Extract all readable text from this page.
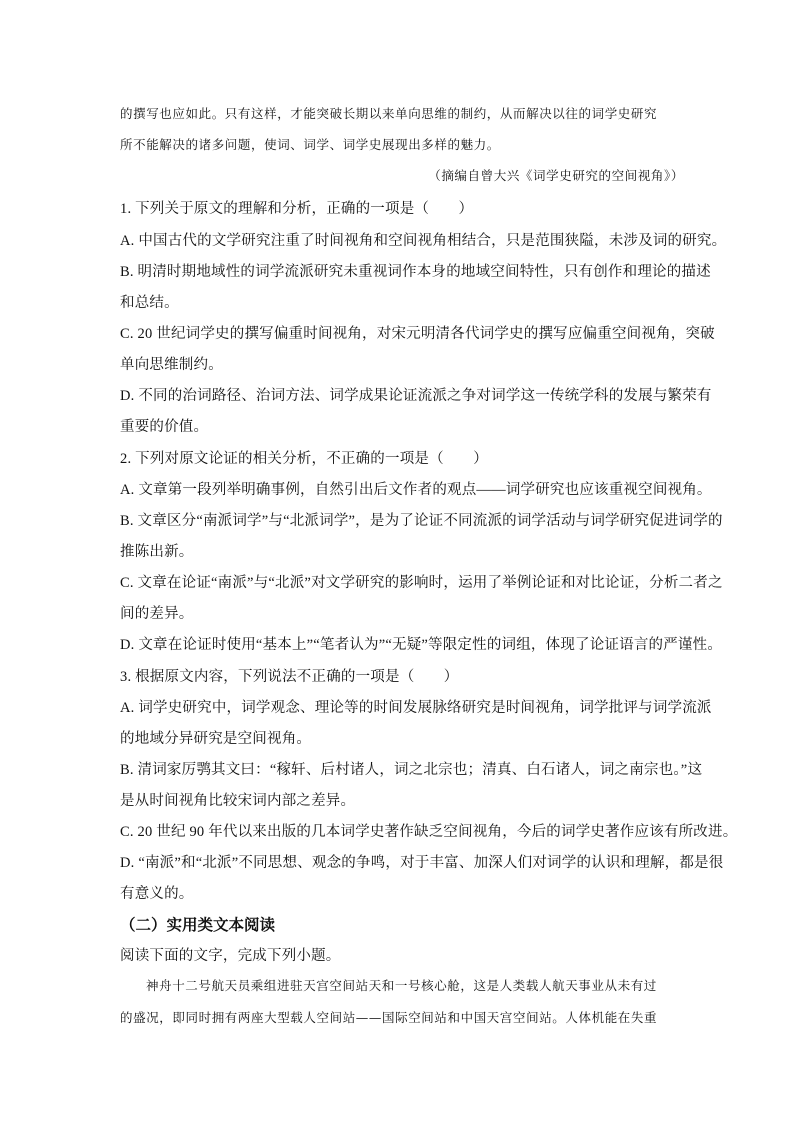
的撰写也应如此。只有这样，才能突破长期以来单向思维的制约，从而解决以往的词学史研究
所不能解决的诸多问题，使词、词学、词学史展现出多样的魅力。
（摘编自曾大兴《词学史研究的空间视角》）
1. 下列关于原文的理解和分析，正确的一项是（　　）
A. 中国古代的文学研究注重了时间视角和空间视角相结合，只是范围狭隘，未涉及词的研究。
B. 明清时期地域性的词学流派研究未重视词作本身的地域空间特性，只有创作和理论的描述
和总结。
C. 20 世纪词学史的撰写偏重时间视角，对宋元明清各代词学史的撰写应偏重空间视角，突破
单向思维制约。
D. 不同的治词路径、治词方法、词学成果论证流派之争对词学这一传统学科的发展与繁荣有
重要的价值。
2. 下列对原文论证的相关分析，不正确的一项是（　　）
A. 文章第一段列举明确事例，自然引出后文作者的观点——词学研究也应该重视空间视角。
B. 文章区分“南派词学”与“北派词学”，是为了论证不同流派的词学活动与词学研究促进词学的
推陈出新。
C. 文章在论证“南派”与“北派”对文学研究的影响时，运用了举例论证和对比论证，分析二者之
间的差异。
D. 文章在论证时使用“基本上”“笔者认为”“无疑”等限定性的词组，体现了论证语言的严谨性。
3. 根据原文内容，下列说法不正确的一项是（　　）
A. 词学史研究中，词学观念、理论等的时间发展脉络研究是时间视角，词学批评与词学流派
的地域分异研究是空间视角。
B. 清词家厉鹗其文曰：“稼轩、后村诸人，词之北宗也；清真、白石诸人，词之南宗也。”这
是从时间视角比较宋词内部之差异。
C. 20 世纪 90 年代以来出版的几本词学史著作缺乏空间视角，今后的词学史著作应该有所改进。
D. “南派”和“北派”不同思想、观念的争鸣，对于丰富、加深人们对词学的认识和理解，都是很
有意义的。
（二）实用类文本阅读
阅读下面的文字，完成下列小题。
神舟十二号航天员乘组进驻天宫空间站天和一号核心舱，这是人类载人航天事业从未有过
的盛况，即同时拥有两座大型载人空间站——国际空间站和中国天宫空间站。人体机能在失重
